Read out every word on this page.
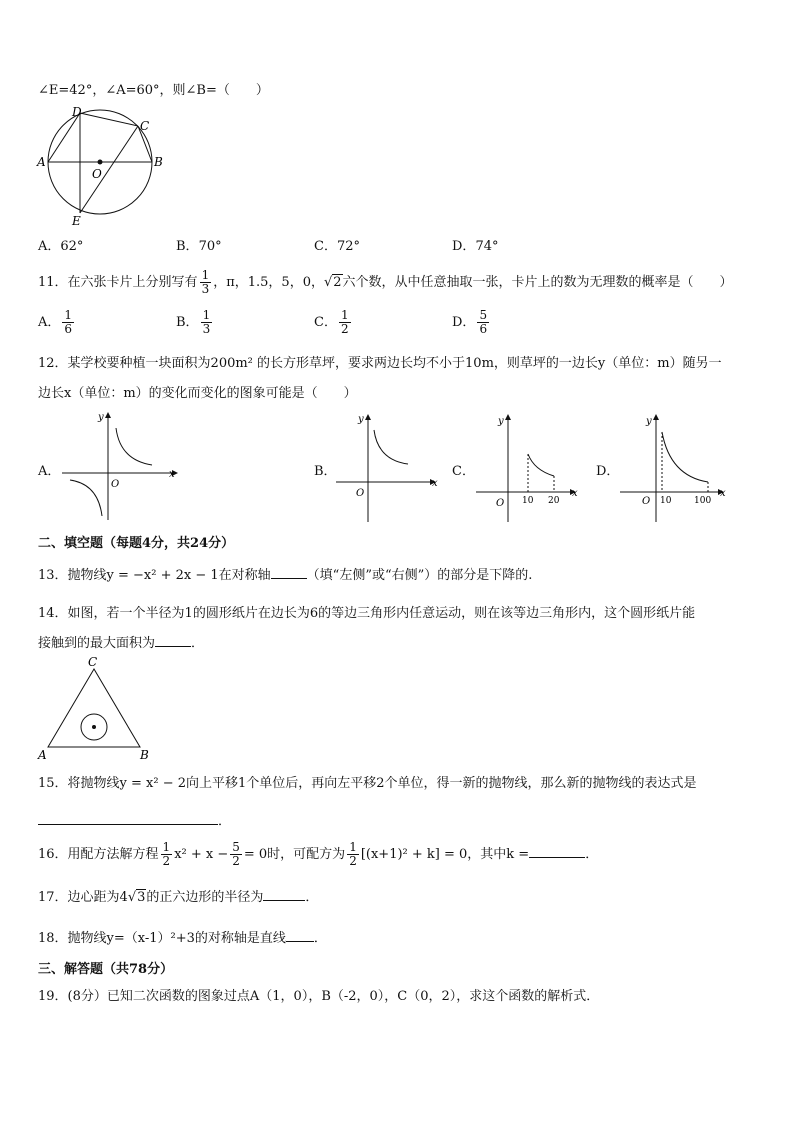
∠E=42°，∠A=60°，则∠B=（　　）
D
C
A
O
B
E
A．62°	B．70°	C．72°	D．74°
11．在六张卡片上分别写有 $\frac{1}{3}$ ，π，1.5，5，0，√2六个数，从中任意抽取一张，卡片上的数为无理数的概率是（　　）
A． $\frac{1}{6}$	B． $\frac{1}{3}$	C． $\frac{1}{2}$	D． $\frac{5}{6}$
12．某学校要种植一块面积为200m² 的长方形草坪，要求两边长均不小于10m，则草坪的一边长y（单位：m）随另一
边长x（单位：m）的变化而变化的图象可能是（　　）
A．	B．	C．	D．
y
x
O
y
x
O
y
x
O 10 20
y
x
O 10	100
二、填空题（每题4分，共24分）
13．抛物线y = −x² + 2x − 1在对称轴	（填“左侧”或“右侧”）的部分是下降的.
14．如图，若一个半径为1的圆形纸片在边长为6的等边三角形内任意运动，则在该等边三角形内，这个圆形纸片能
接触到的最大面积为	．
C
A	B
15．将抛物线y = x² − 2向上平移1个单位后，再向左平移2个单位，得一新的抛物线，那么新的抛物线的表达式是
．
16．用配方法解方程 $\frac{1}{2} x^2 + x - \frac{5}{2} = 0$时，可配方为 $\frac{1}{2} [(x+1)^2 + k] = 0$，其中k =	．
17．边心距为4√3的正六边形的半径为	．
18．抛物线y=（x-1）²+3的对称轴是直线 ．
三、解答题（共78分）
19．(8分）已知二次函数的图象过点A（1，0），B（-2，0），C（0，2），求这个函数的解析式．
